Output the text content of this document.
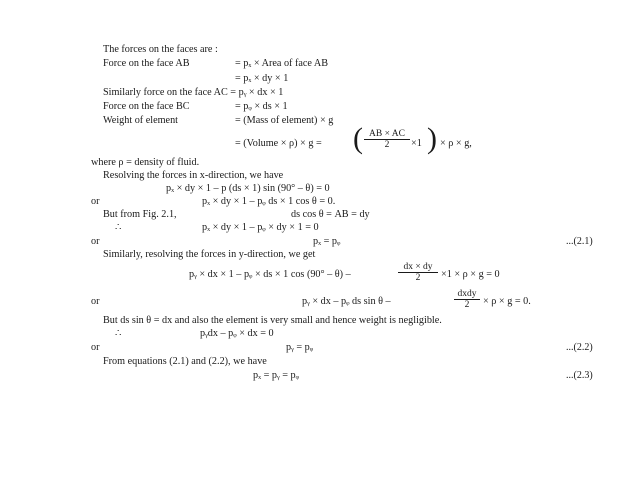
The forces on the faces are :
Force on the face AB	= pₓ × Area of face AB
= pₓ × dy × 1
Similarly force on the face AC = pᵧ × dx × 1
Force on the face BC	= pᵩ × ds × 1
Weight of element	= (Mass of element) × g
= (Volume × ρ) × g = ( $\frac{AB \times AC}{2} \times 1$ ) × ρ × g,
where ρ = density of fluid.
Resolving the forces in x-direction, we have
pₓ × dy × 1 – p (ds × 1) sin (90° – θ) = 0
or	pₓ × dy × 1 – pᵩ ds × 1 cos θ = 0.
But from Fig. 2.1,	ds cos θ = AB = dy
∴	pₓ × dy × 1 – pᵩ × dy × 1 = 0
or	pₓ = pᵩ	...(2.1)
Similarly, resolving the forces in y-direction, we get
pᵧ × dx × 1 – pᵩ × ds × 1 cos (90° – θ) –	$\frac{dx \times dy}{2} \times 1 \times \rho \times g = 0$
or	pᵧ × dx – pᵩ ds sin θ –
dxdy
2	× ρ × g = 0.
But ds sin θ = dx and also the element is very small and hence weight is negligible.
∴	pᵧdx – pᵩ × dx = 0
or	pᵧ = pᵩ	...(2.2)
From equations (2.1) and (2.2), we have
pₓ = pᵧ = pᵩ	...(2.3)
